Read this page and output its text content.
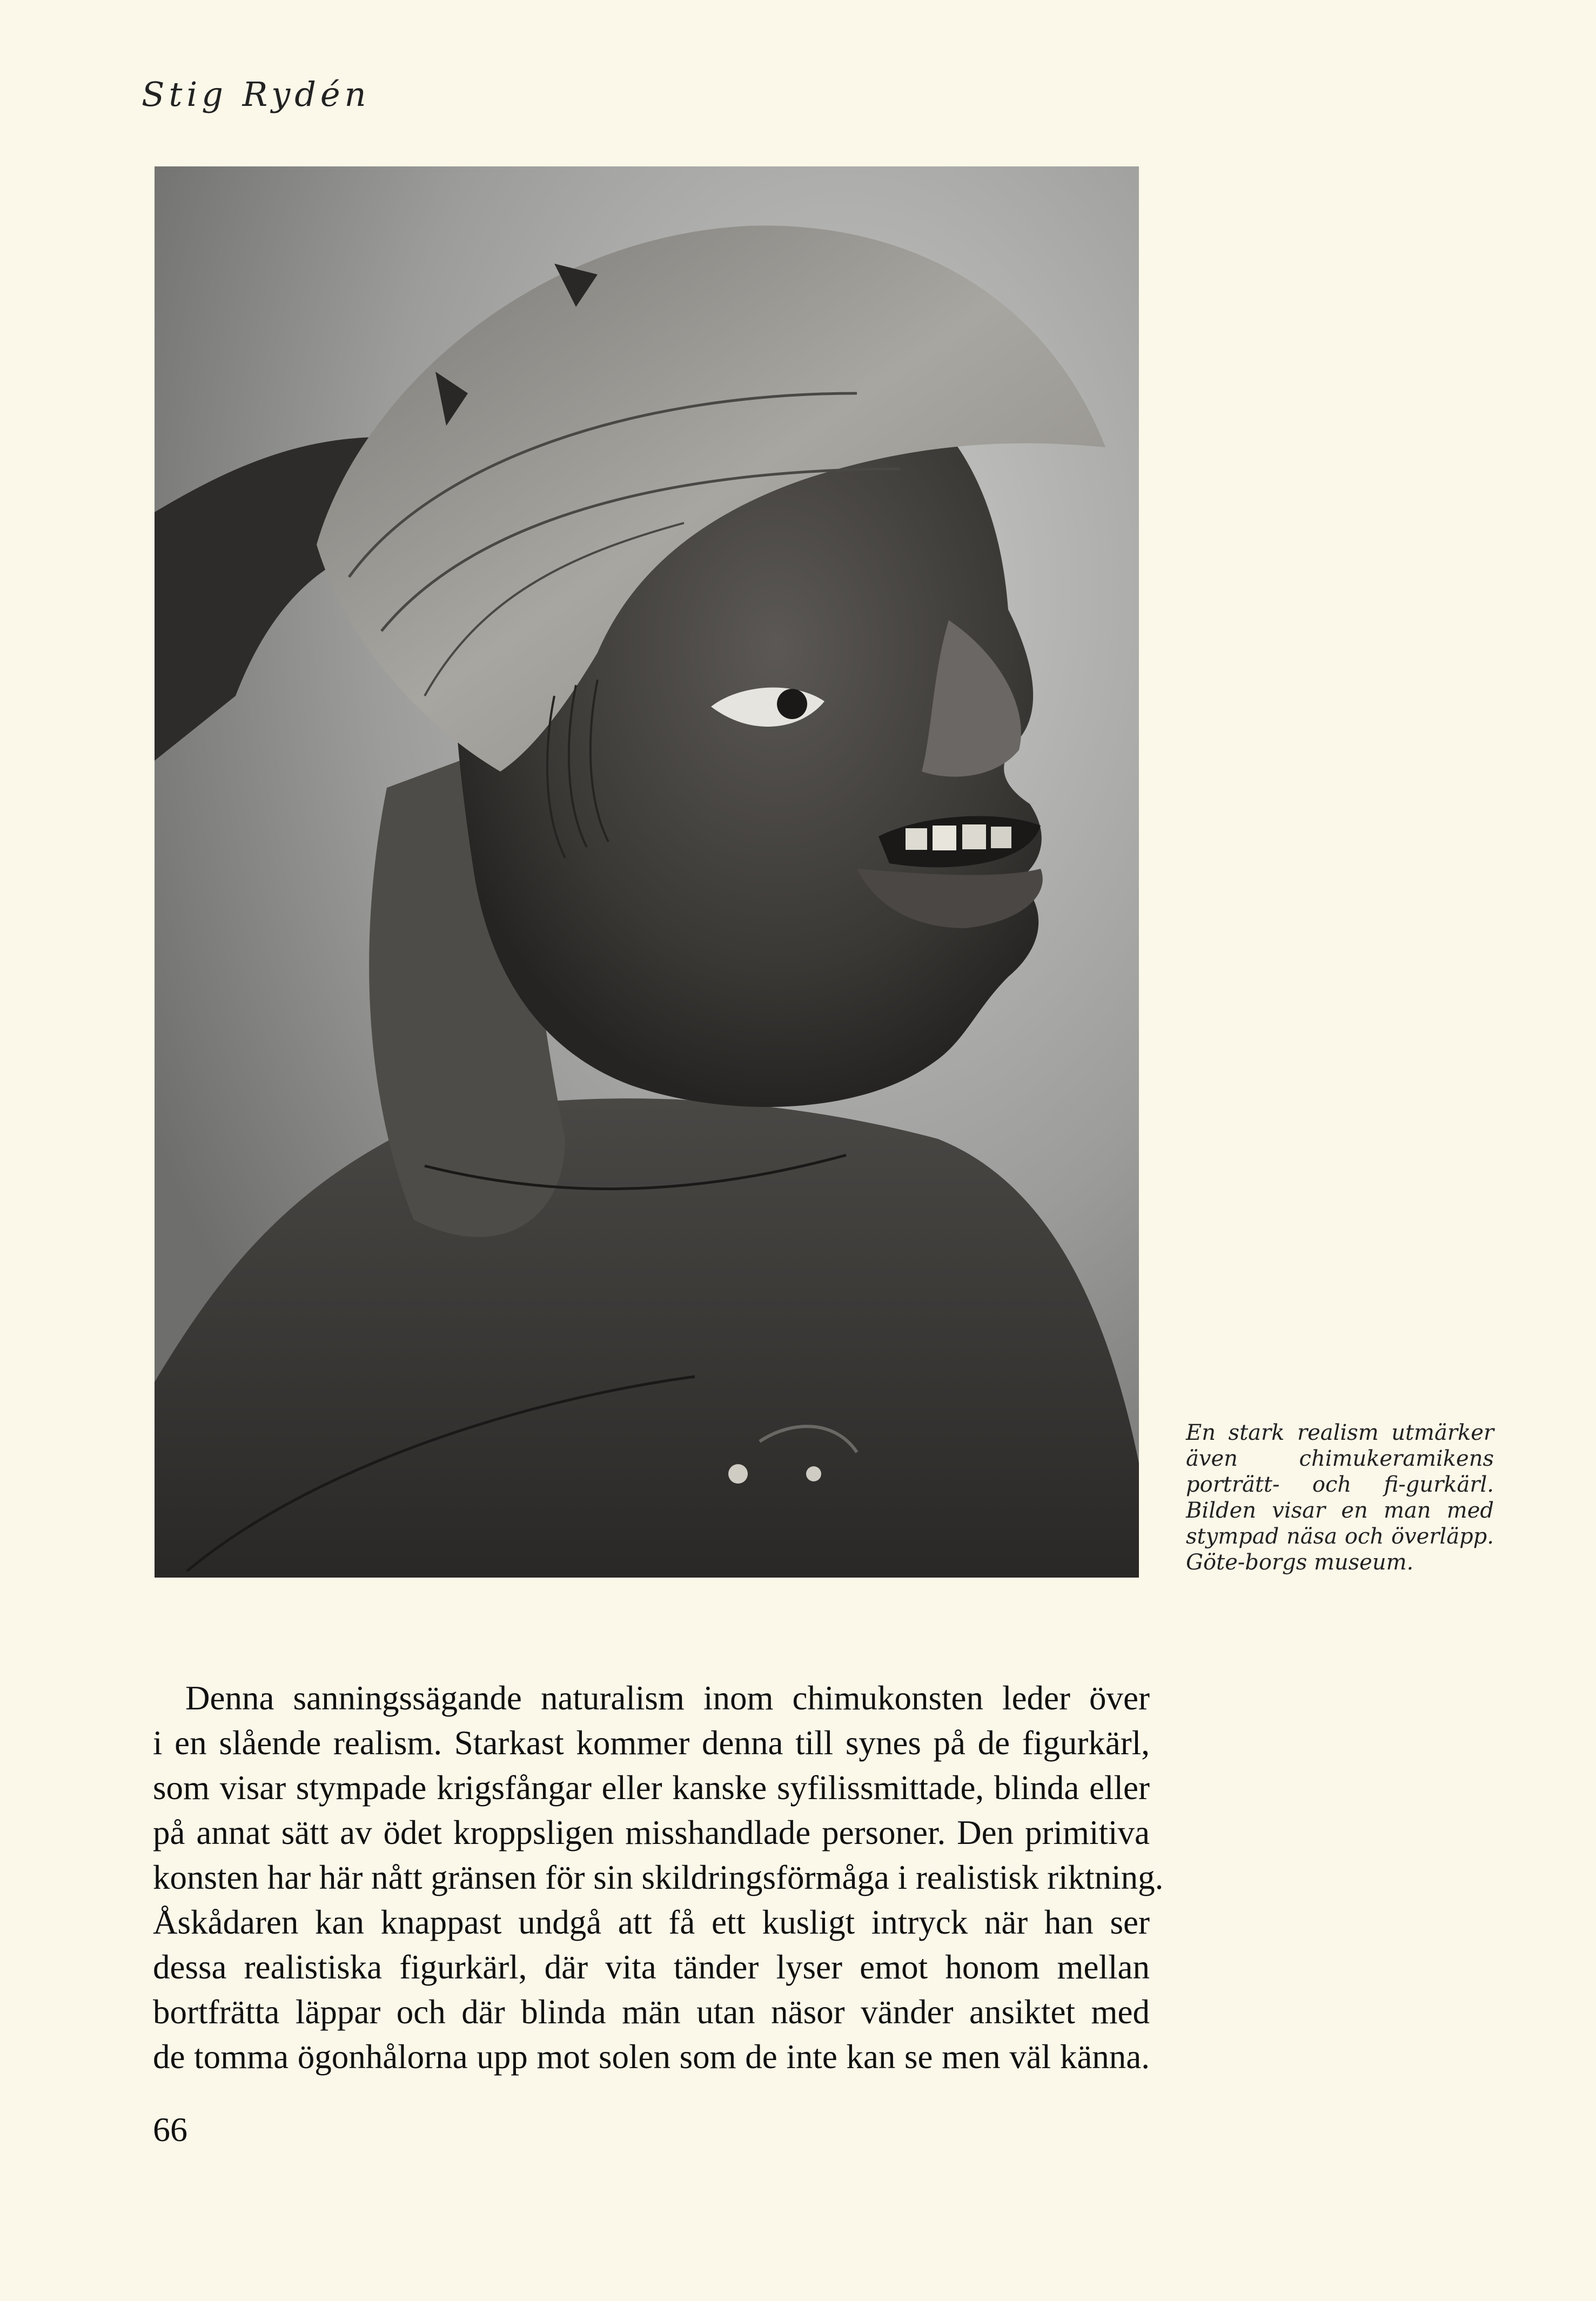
Stig Rydén
En stark realism utmärker även chimukeramikens porträtt- och fi-gurkärl. Bilden visar en man med stympad näsa och överläpp. Göte-borgs museum.
Denna sanningssägande naturalism inom chimukonsten leder över
i en slående realism. Starkast kommer denna till synes på de figurkärl,
som visar stympade krigsfångar eller kanske syfilissmittade, blinda eller
på annat sätt av ödet kroppsligen misshandlade personer. Den primitiva
konsten har här nått gränsen för sin skildringsförmåga i realistisk riktning.
Åskådaren kan knappast undgå att få ett kusligt intryck när han ser
dessa realistiska figurkärl, där vita tänder lyser emot honom mellan
bortfrätta läppar och där blinda män utan näsor vänder ansiktet med
de tomma ögonhålorna upp mot solen som de inte kan se men väl känna.
66
